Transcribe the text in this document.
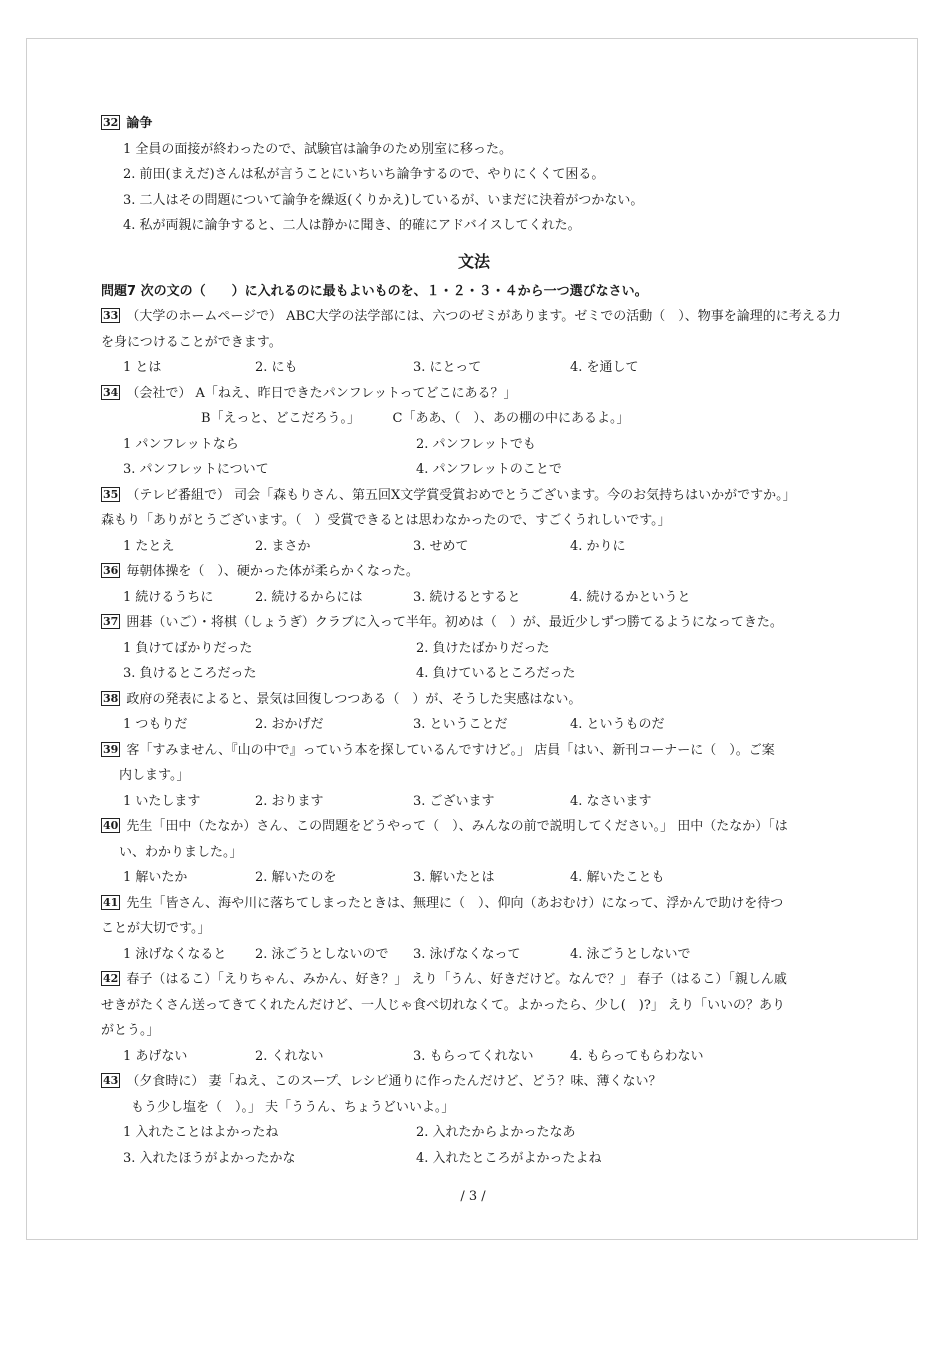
32 論争
1 全員の面接が終わったので、試験官は論争のため別室に移った。
2. 前田(まえだ)さんは私が言うことにいちいち論争するので、やりにくくて困る。
3. 二人はその問題について論争を繰返(くりかえ)しているが、いまだに決着がつかない。
4. 私が両親に論争すると、二人は静かに聞き、的確にアドバイスしてくれた。
文法
問題7 次の文の（　　）に入れるのに最もよいものを、１・２・３・４から一つ選びなさい。
33 （大学のホームページで） ABC大学の法学部には、六つのゼミがあります。ゼミでの活動（　）、物事を論理的に考える力を身につけることができます。
1 とは	2. にも	3. にとって	4. を通して
34 （会社で） A「ねえ、昨日できたパンフレットってどこにある？」
B「えっと、どこだろう。」　　　C「ああ、（　）、あの棚の中にあるよ。」
1 パンフレットなら	2. パンフレットでも
3. パンフレットについて	4. パンフレットのことで
35 （テレビ番組で） 司会「森もりさん、第五回X文学賞受賞おめでとうございます。今のお気持ちはいかがですか。」
森もり「ありがとうございます。（　）受賞できるとは思わなかったので、すごくうれしいです。」
1 たとえ	2. まさか	3. せめて	4. かりに
36 毎朝体操を（　）、硬かった体が柔らかくなった。
1 続けるうちに	2. 続けるからには	3. 続けるとすると	4. 続けるかというと
37 囲碁（いご）・将棋（しょうぎ）クラブに入って半年。初めは（　）が、最近少しずつ勝てるようになってきた。
1 負けてばかりだった	2. 負けたばかりだった
3. 負けるところだった	4. 負けているところだった
38 政府の発表によると、景気は回復しつつある（　）が、そうした実感はない。
1 つもりだ	2. おかげだ	3. ということだ	4. というものだ
39 客「すみません、『山の中で』っていう本を探しているんですけど。」 店員「はい、新刊コーナーに（　）。ご案
内します。」
1 いたします	2. おります	3. ございます	4. なさいます
40 先生「田中（たなか）さん、この問題をどうやって（　）、みんなの前で説明してください。」 田中（たなか）「は
い、わかりました。」
1 解いたか	2. 解いたのを	3. 解いたとは	4. 解いたことも
41 先生「皆さん、海や川に落ちてしまったときは、無理に（　）、仰向（あおむけ）になって、浮かんで助けを待つ
ことが大切です。」
1 泳げなくなると	2. 泳ごうとしないので	3. 泳げなくなって	4. 泳ごうとしないで
42 春子（はるこ）「えりちゃん、みかん、好き？」 えり「うん、好きだけど。なんで？」 春子（はるこ）「親しん戚
せきがたくさん送ってきてくれたんだけど、一人じゃ食べ切れなくて。よかったら、少し(　)?」 えり「いいの？あり
がとう。」
1 あげない	2. くれない	3. もらってくれない	4. もらってもらわない
43 （夕食時に） 妻「ねえ、このスープ、レシピ通りに作ったんだけど、どう？味、薄くない？
もう少し塩を（　）。」 夫「ううん、ちょうどいいよ。」
1 入れたことはよかったね	2. 入れたからよかったなあ
3. 入れたほうがよかったかな	4. 入れたところがよかったよね
/ 3 /
